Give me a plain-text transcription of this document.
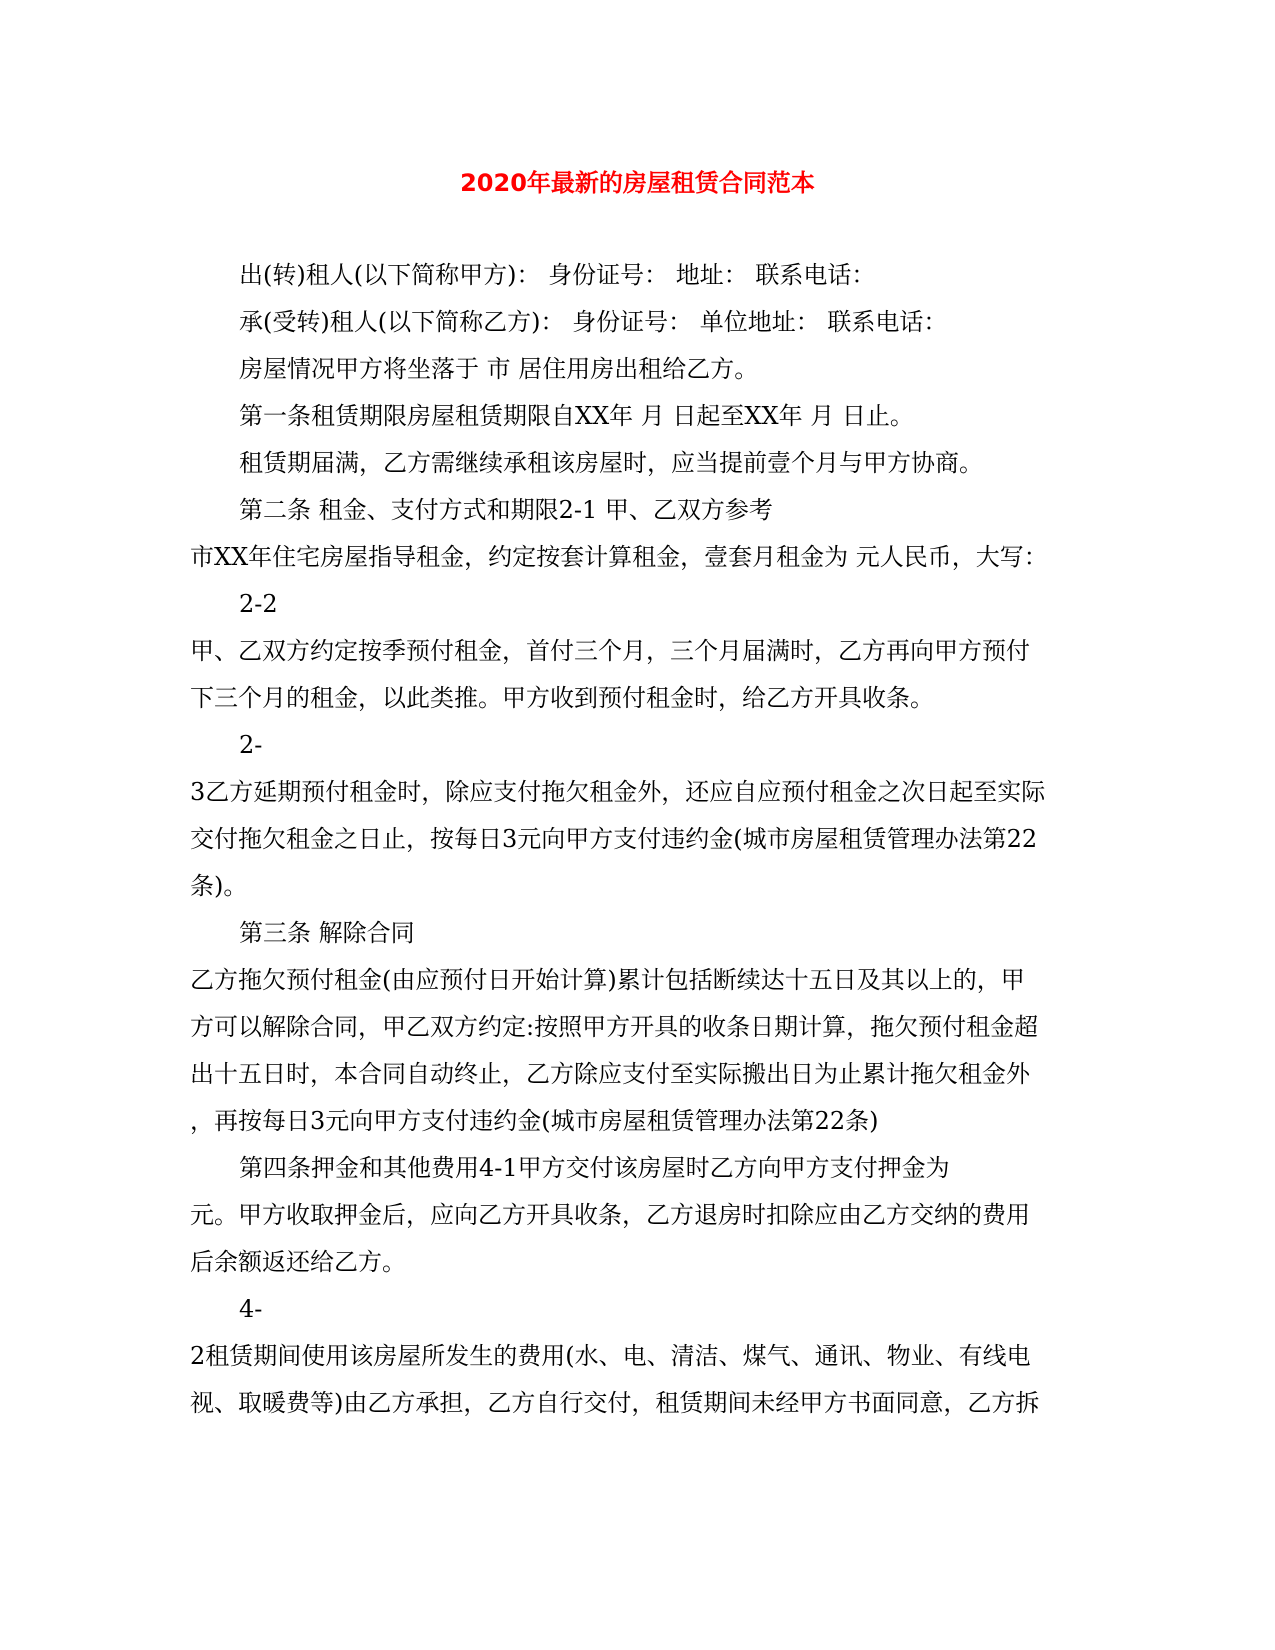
2020年最新的房屋租赁合同范本

出(转)租人(以下简称甲方)： 身份证号： 地址： 联系电话：

承(受转)租人(以下简称乙方)： 身份证号： 单位地址： 联系电话：

房屋情况甲方将坐落于 市 居住用房出租给乙方。

第一条租赁期限房屋租赁期限自XX年 月 日起至XX年 月 日止。

租赁期届满，乙方需继续承租该房屋时，应当提前壹个月与甲方协商。

第二条 租金、支付方式和期限2-1 甲、乙双方参考

市XX年住宅房屋指导租金，约定按套计算租金，壹套月租金为 元人民币，大写：

2-2

甲、乙双方约定按季预付租金，首付三个月，三个月届满时，乙方再向甲方预付

下三个月的租金，以此类推。甲方收到预付租金时，给乙方开具收条。

2-

3乙方延期预付租金时，除应支付拖欠租金外，还应自应预付租金之次日起至实际

交付拖欠租金之日止，按每日3元向甲方支付违约金(城市房屋租赁管理办法第22

条)。

第三条 解除合同

乙方拖欠预付租金(由应预付日开始计算)累计包括断续达十五日及其以上的，甲

方可以解除合同，甲乙双方约定:按照甲方开具的收条日期计算，拖欠预付租金超

出十五日时，本合同自动终止，乙方除应支付至实际搬出日为止累计拖欠租金外

，再按每日3元向甲方支付违约金(城市房屋租赁管理办法第22条)

第四条押金和其他费用4-1甲方交付该房屋时乙方向甲方支付押金为

元。甲方收取押金后，应向乙方开具收条，乙方退房时扣除应由乙方交纳的费用

后余额返还给乙方。

4-

2租赁期间使用该房屋所发生的费用(水、电、清洁、煤气、通讯、物业、有线电

视、取暖费等)由乙方承担，乙方自行交付，租赁期间未经甲方书面同意，乙方拆
